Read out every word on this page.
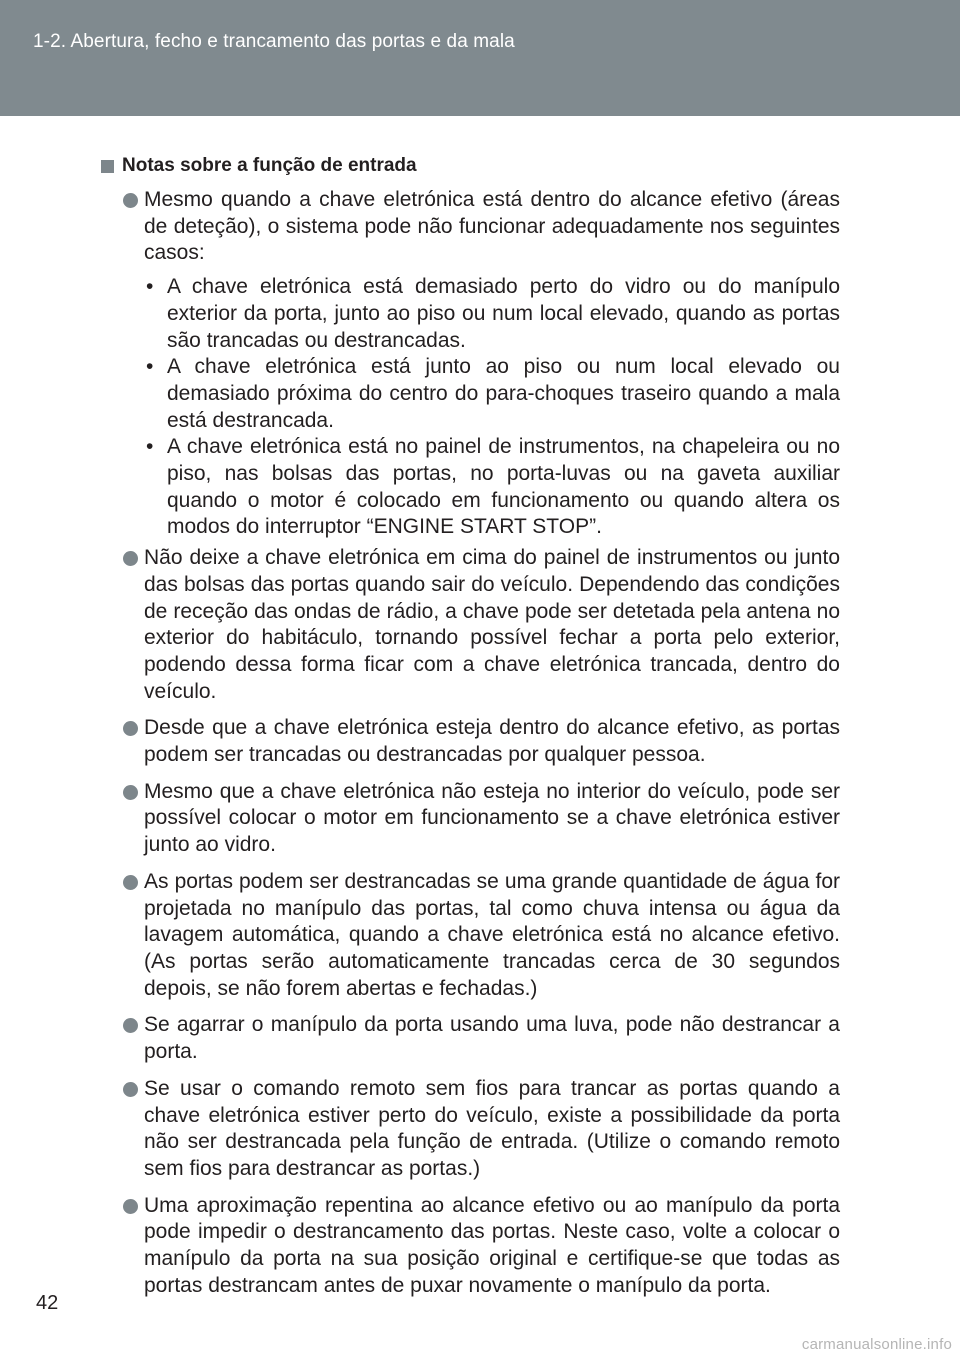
1-2. Abertura, fecho e trancamento das portas e da mala
Notas sobre a função de entrada
Mesmo quando a chave eletrónica está dentro do alcance efetivo (áreas de deteção), o sistema pode não funcionar adequadamente nos seguintes casos:
• A chave eletrónica está demasiado perto do vidro ou do manípulo exterior da porta, junto ao piso ou num local elevado, quando as portas são trancadas ou destrancadas.
• A chave eletrónica está junto ao piso ou num local elevado ou demasiado próxima do centro do para-choques traseiro quando a mala está destrancada.
• A chave eletrónica está no painel de instrumentos, na chapeleira ou no piso, nas bolsas das portas, no porta-luvas ou na gaveta auxiliar quando o motor é colocado em funcionamento ou quando altera os modos do interruptor “ENGINE START STOP”.
Não deixe a chave eletrónica em cima do painel de instrumentos ou junto das bolsas das portas quando sair do veículo. Dependendo das condições de receção das ondas de rádio, a chave pode ser detetada pela antena no exterior do habitáculo, tornando possível fechar a porta pelo exterior, podendo dessa forma ficar com a chave eletrónica trancada, dentro do veículo.
Desde que a chave eletrónica esteja dentro do alcance efetivo, as portas podem ser trancadas ou destrancadas por qualquer pessoa.
Mesmo que a chave eletrónica não esteja no interior do veículo, pode ser possível colocar o motor em funcionamento se a chave eletrónica estiver junto ao vidro.
As portas podem ser destrancadas se uma grande quantidade de água for projetada no manípulo das portas, tal como chuva intensa ou água da lavagem automática, quando a chave eletrónica está no alcance efetivo. (As portas serão automaticamente trancadas cerca de 30 segundos depois, se não forem abertas e fechadas.)
Se agarrar o manípulo da porta usando uma luva, pode não destrancar a porta.
Se usar o comando remoto sem fios para trancar as portas quando a chave eletrónica estiver perto do veículo, existe a possibilidade da porta não ser destrancada pela função de entrada. (Utilize o comando remoto sem fios para destrancar as portas.)
Uma aproximação repentina ao alcance efetivo ou ao manípulo da porta pode impedir o destrancamento das portas. Neste caso, volte a colocar o manípulo da porta na sua posição original e certifique-se que todas as portas destrancam antes de puxar novamente o manípulo da porta.
42
carmanualsonline.info
